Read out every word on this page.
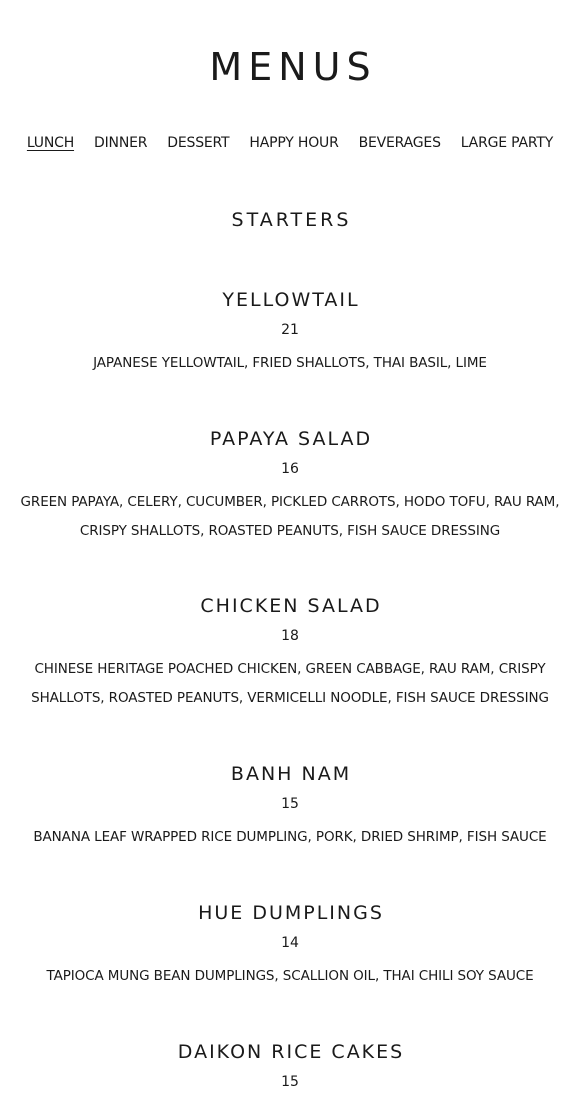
MENUS
LUNCH DINNER DESSERT HAPPY HOUR BEVERAGES LARGE PARTY
STARTERS
YELLOWTAIL
21
JAPANESE YELLOWTAIL, FRIED SHALLOTS, THAI BASIL, LIME
PAPAYA SALAD
16
GREEN PAPAYA, CELERY, CUCUMBER, PICKLED CARROTS, HODO TOFU, RAU RAM,
CRISPY SHALLOTS, ROASTED PEANUTS, FISH SAUCE DRESSING
CHICKEN SALAD
18
CHINESE HERITAGE POACHED CHICKEN, GREEN CABBAGE, RAU RAM, CRISPY
SHALLOTS, ROASTED PEANUTS, VERMICELLI NOODLE, FISH SAUCE DRESSING
BANH NAM
15
BANANA LEAF WRAPPED RICE DUMPLING, PORK, DRIED SHRIMP, FISH SAUCE
HUE DUMPLINGS
14
TAPIOCA MUNG BEAN DUMPLINGS, SCALLION OIL, THAI CHILI SOY SAUCE
DAIKON RICE CAKES
15
